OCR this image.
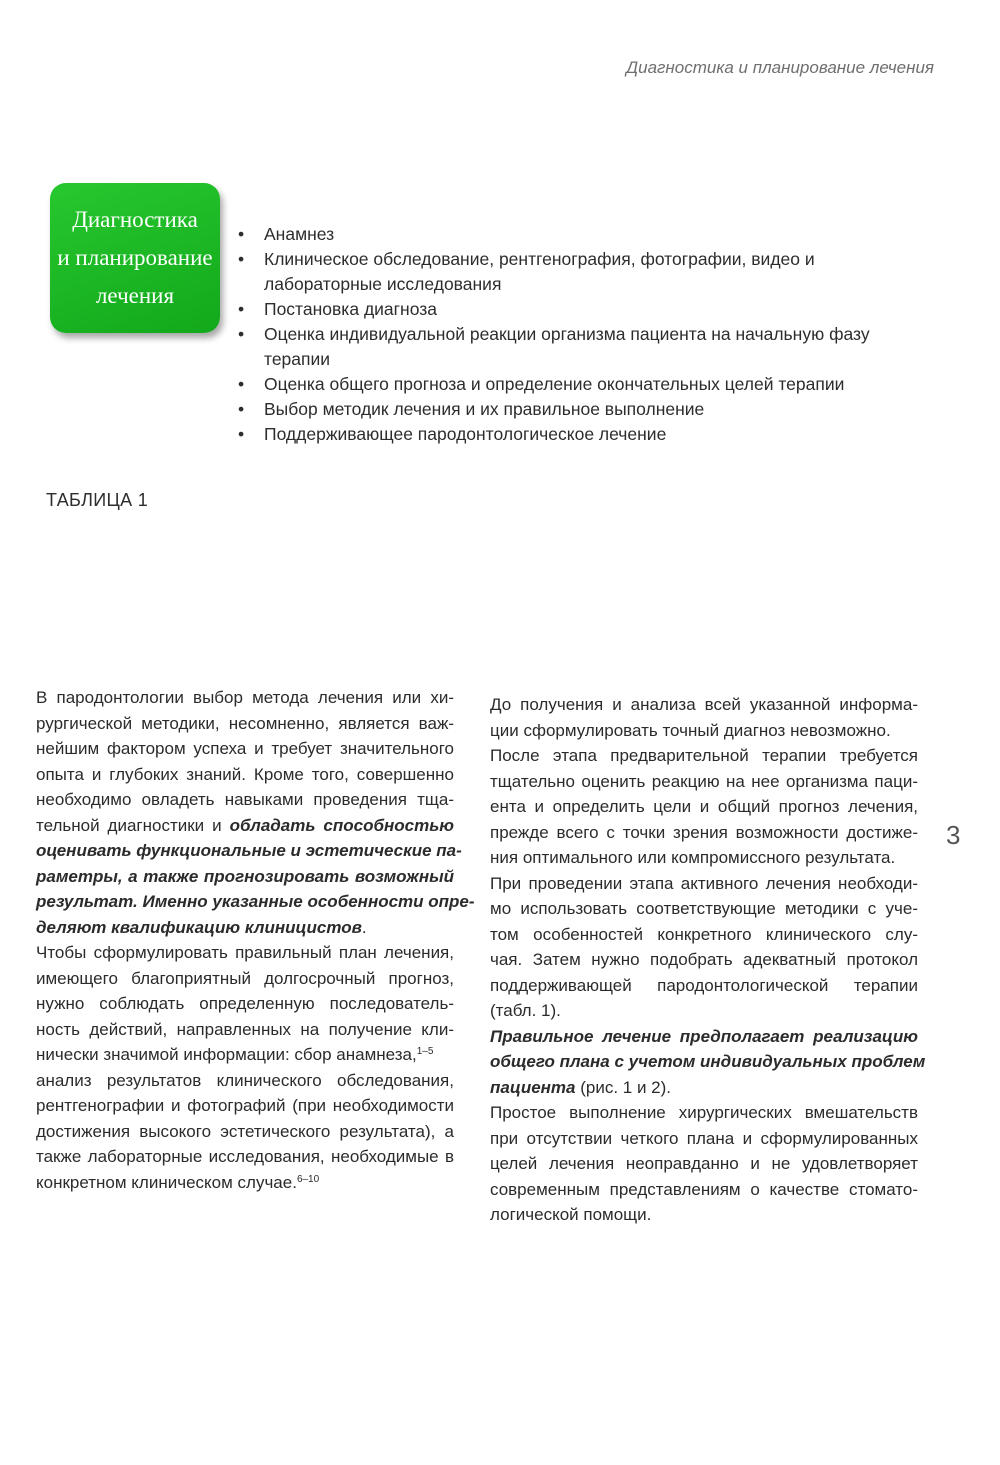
Диагностика и планирование лечения
Диагностика
и планирование
лечения
• Анамнез
• Клиническое обследование, рентгенография, фотографии, видео и
лабораторные исследования
• Постановка диагноза
• Оценка индивидуальной реакции организма пациента на начальную фазу
терапии
• Оценка общего прогноза и определение окончательных целей терапии
• Выбор методик лечения и их правильное выполнение
• Поддерживающее пародонтологическое лечение
ТАБЛИЦА 1

В пародонтологии выбор метода лечения или хи-
рургической методики, несомненно, является важ-
нейшим фактором успеха и требует значительного
опыта и глубоких знаний. Кроме того, совершенно
необходимо овладеть навыками проведения тща-
тельной диагностики и обладать способностью
оценивать функциональные и эстетические па-
раметры, а также прогнозировать возможный
результат. Именно указанные особенности опре-
деляют квалификацию клиницистов.

Чтобы сформулировать правильный план лечения,
имеющего благоприятный долгосрочный прогноз,
нужно соблюдать определенную последователь-
ность действий, направленных на получение кли-
нически значимой информации: сбор анамнеза,$^{1-5}$
анализ результатов клинического обследования,
рентгенографии и фотографий (при необходимости
достижения высокого эстетического результата), а
также лабораторные исследования, необходимые в
конкретном клиническом случае.$^{6-10}$

До получения и анализа всей указанной информа-
ции сформулировать точный диагноз невозможно.

После этапа предварительной терапии требуется
тщательно оценить реакцию на нее организма паци-
ента и определить цели и общий прогноз лечения,
прежде всего с точки зрения возможности достиже-
ния оптимального или компромиссного результата.

При проведении этапа активного лечения необходи-
мо использовать соответствующие методики с уче-
том особенностей конкретного клинического слу-
чая. Затем нужно подобрать адекватный протокол
поддерживающей пародонтологической терапии
(табл. 1).

Правильное лечение предполагает реализацию
общего плана с учетом индивидуальных проблем
пациента (рис. 1 и 2).

Простое выполнение хирургических вмешательств
при отсутствии четкого плана и сформулированных
целей лечения неоправданно и не удовлетворяет
современным представлениям о качестве стомато-
логической помощи.

3
